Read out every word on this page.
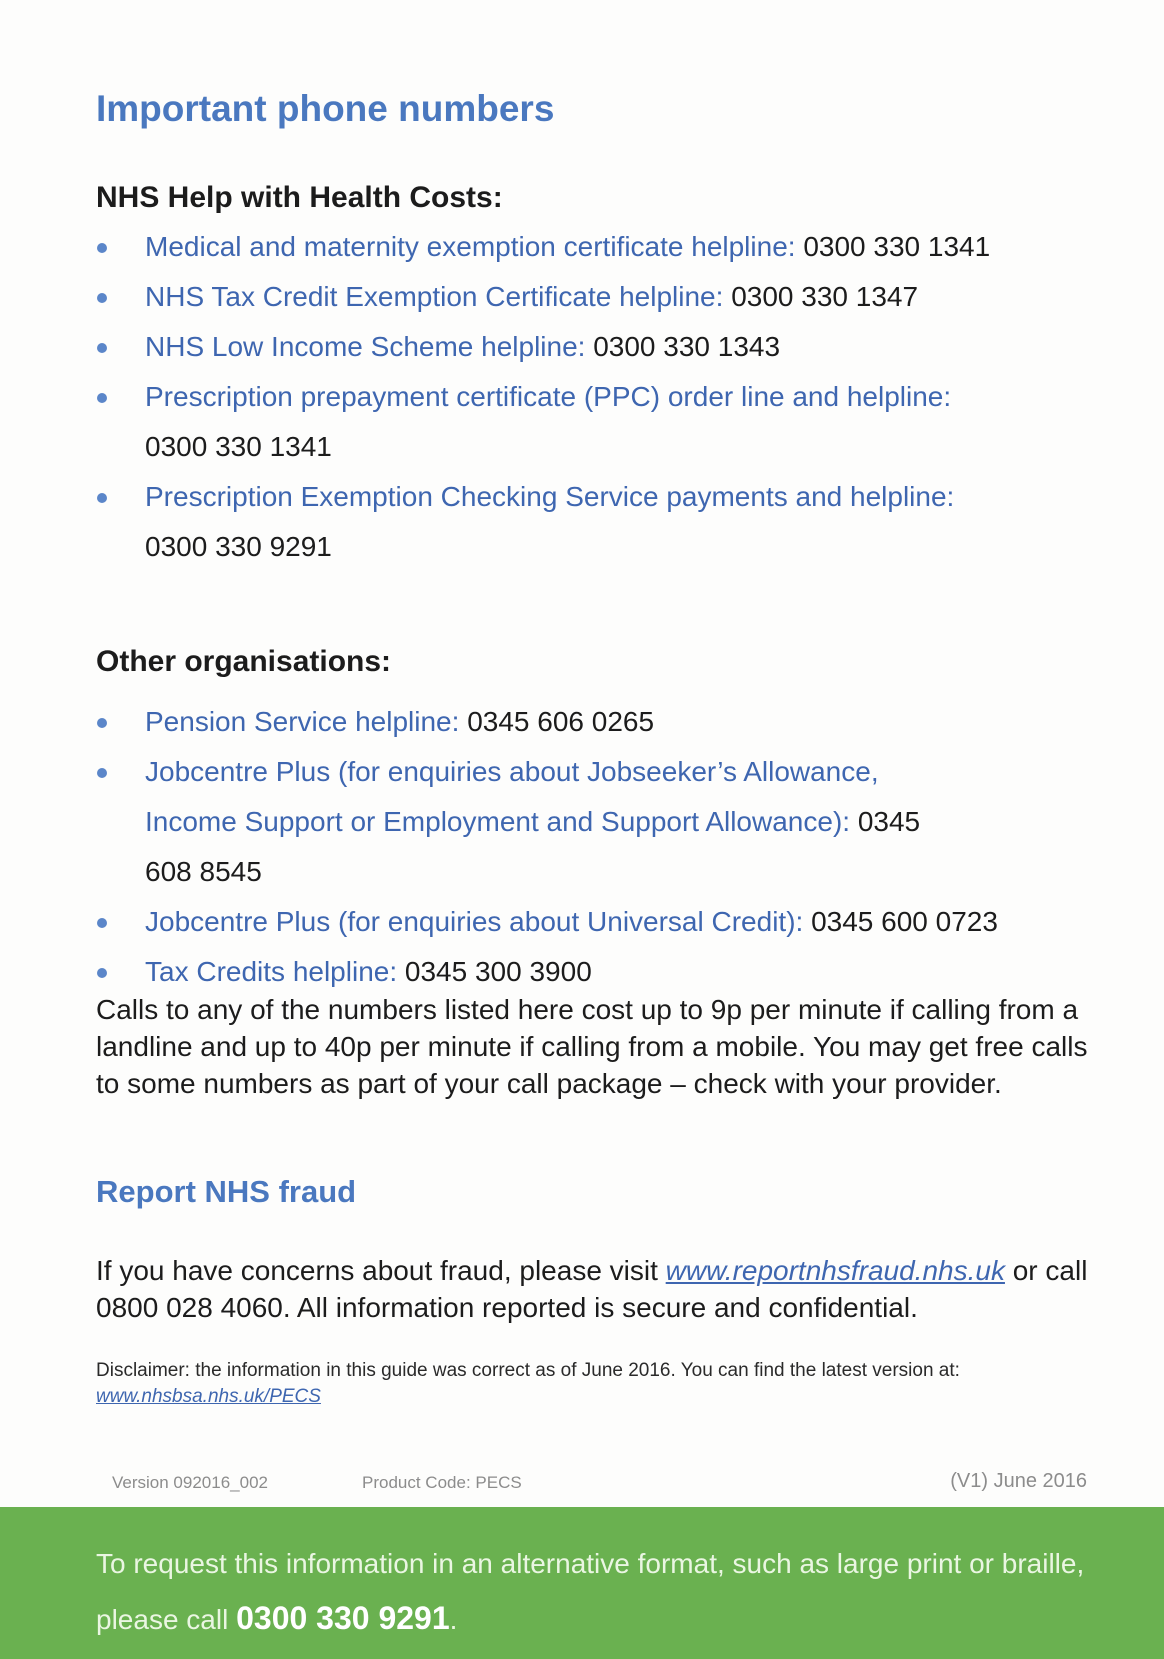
Important phone numbers
NHS Help with Health Costs:
Medical and maternity exemption certificate helpline: 0300 330 1341
NHS Tax Credit Exemption Certificate helpline: 0300 330 1347
NHS Low Income Scheme helpline: 0300 330 1343
Prescription prepayment certificate (PPC) order line and helpline:
0300 330 1341
Prescription Exemption Checking Service payments and helpline:
0300 330 9291
Other organisations:
Pension Service helpline: 0345 606 0265
Jobcentre Plus (for enquiries about Jobseeker’s Allowance, Income Support or Employment and Support Allowance): 0345 608 8545
Jobcentre Plus (for enquiries about Universal Credit): 0345 600 0723
Tax Credits helpline: 0345 300 3900

Calls to any of the numbers listed here cost up to 9p per minute if calling from a landline and up to 40p per minute if calling from a mobile. You may get free calls to some numbers as part of your call package – check with your provider.

Report NHS fraud

If you have concerns about fraud, please visit www.reportnhsfraud.nhs.uk or call 0800 028 4060. All information reported is secure and confidential.

Disclaimer: the information in this guide was correct as of June 2016. You can find the latest version at:
www.nhsbsa.nhs.uk/PECS

Version 092016_002	Product Code: PECS	(V1) June 2016

To request this information in an alternative format, such as large print or braille, please call 0300 330 9291.
